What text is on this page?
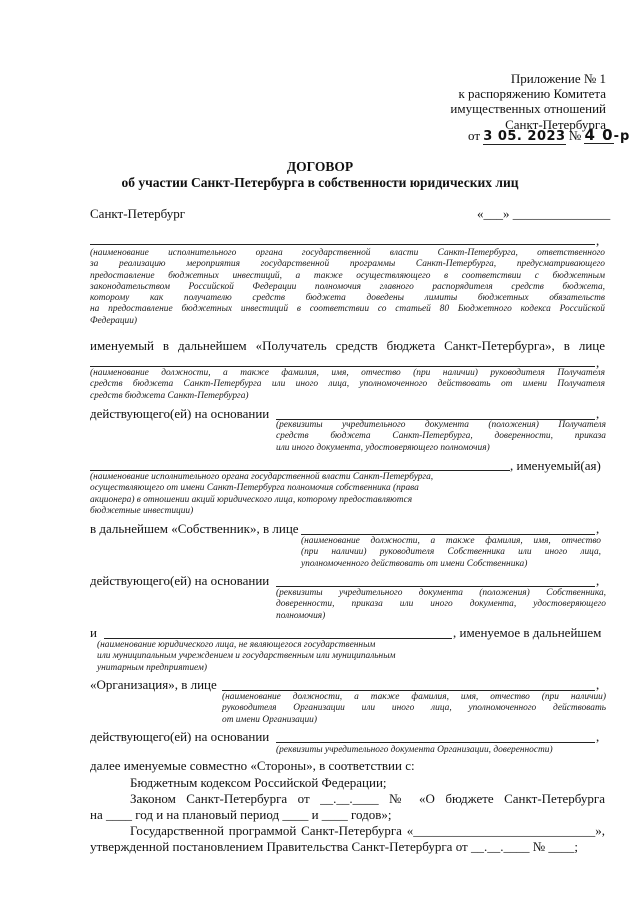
Приложение № 1
к распоряжению Комитета
имущественных отношений
Санкт-Петербурга
от 3 05. 2023 № 4 0-р
ДОГОВОР
об участии Санкт-Петербурга в собственности юридических лиц
Санкт-Петербург	«___» _______________
,
(наименование исполнительного органа государственной власти Санкт-Петербурга, ответственного
за реализацию мероприятия государственной программы Санкт-Петербурга, предусматривающего
предоставление бюджетных инвестиций, а также осуществляющего в соответствии с бюджетным
законодательством Российской Федерации полномочия главного распорядителя средств бюджета,
которому как получателю средств бюджета доведены лимиты бюджетных обязательств
на предоставление бюджетных инвестиций в соответствии со статьей 80 Бюджетного кодекса Российской
Федерации)
именуемый в дальнейшем «Получатель средств бюджета Санкт-Петербурга», в лице
,
(наименование должности, а также фамилия, имя, отчество (при наличии) руководителя Получателя
средств бюджета Санкт-Петербурга или иного лица, уполномоченного действовать от имени Получателя
средств бюджета Санкт-Петербурга)
действующего(ей) на основании	,
(реквизиты учредительного документа (положения) Получателя
средств бюджета Санкт-Петербурга, доверенности, приказа
или иного документа, удостоверяющего полномочия)
, именуемый(ая)
(наименование исполнительного органа государственной власти Санкт-Петербурга,
осуществляющего от имени Санкт-Петербурга полномочия собственника (права
акционера) в отношении акций юридического лица, которому предоставляются
бюджетные инвестиции)
в дальнейшем «Собственник», в лице	,
(наименование должности, а также фамилия, имя, отчество
(при наличии) руководителя Собственника или иного лица,
уполномоченного действовать от имени Собственника)
действующего(ей) на основании	,
(реквизиты учредительного документа (положения) Собственника,
доверенности, приказа или иного документа, удостоверяющего
полномочия)
и	, именуемое в дальнейшем
(наименование юридического лица, не являющегося государственным
или муниципальным учреждением и государственным или муниципальным
унитарным предприятием)
«Организация», в лице	,
(наименование должности, а также фамилия, имя, отчество (при наличии)
руководителя Организации или иного лица, уполномоченного действовать
от имени Организации)
действующего(ей) на основании	,
(реквизиты учредительного документа Организации, доверенности)
далее именуемые совместно «Стороны», в соответствии с:
Бюджетным кодексом Российской Федерации;
Законом Санкт-Петербурга от __.__.____ № «О бюджете Санкт-Петербурга
на ____ год и на плановый период ____ и ____ годов»;
Государственной программой Санкт-Петербурга «____________________________»,
утвержденной постановлением Правительства Санкт-Петербурга от __.__.____ № ____;
